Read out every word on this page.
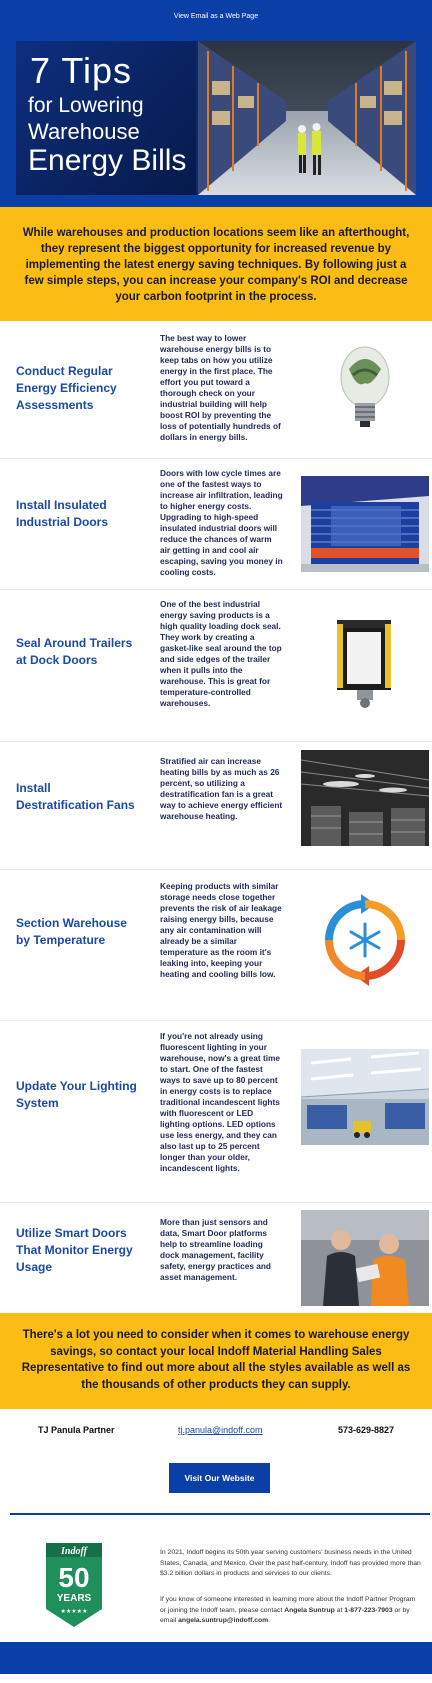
View Email as a Web Page
7 Tips
for Lowering
Warehouse
Energy Bills
While warehouses and production locations seem like an afterthought, they represent the biggest opportunity for increased revenue by implementing the latest energy saving techniques. By following just a few simple steps, you can increase your company's ROI and decrease your carbon footprint in the process.
Conduct Regular Energy Efficiency Assessments
The best way to lower warehouse energy bills is to keep tabs on how you utilize energy in the first place. The effort you put toward a thorough check on your industrial building will help boost ROI by preventing the loss of potentially hundreds of dollars in energy bills.
Install Insulated Industrial Doors
Doors with low cycle times are one of the fastest ways to increase air infiltration, leading to higher energy costs. Upgrading to high-speed insulated industrial doors will reduce the chances of warm air getting in and cool air escaping, saving you money in cooling costs.
Seal Around Trailers at Dock Doors
One of the best industrial energy saving products is a high quality loading dock seal. They work by creating a gasket-like seal around the top and side edges of the trailer when it pulls into the warehouse. This is great for temperature-controlled warehouses.
Install Destratification Fans
Stratified air can increase heating bills by as much as 26 percent, so utilizing a destratification fan is a great way to achieve energy efficient warehouse heating.
Section Warehouse by Temperature
Keeping products with similar storage needs close together prevents the risk of air leakage raising energy bills, because any air contamination will already be a similar temperature as the room it's leaking into, keeping your heating and cooling bills low.
Update Your Lighting System
If you're not already using fluorescent lighting in your warehouse, now's a great time to start. One of the fastest ways to save up to 80 percent in energy costs is to replace traditional incandescent lights with fluorescent or LED lighting options. LED options use less energy, and they can also last up to 25 percent longer than your older, incandescent lights.
Utilize Smart Doors That Monitor Energy Usage
More than just sensors and data, Smart Door platforms help to streamline loading dock management, facility safety, energy practices and asset management.
There's a lot you need to consider when it comes to warehouse energy savings, so contact your local Indoff Material Handling Sales Representative to find out more about all the styles available as well as the thousands of other products they can supply.
TJ Panula Partner	tj.panula@indoff.com	573-629-8827
Visit Our Website
Indoff
50
YEARS
★★★★★
In 2021, Indoff begins its 50th year serving customers' business needs in the United States, Canada, and Mexico. Over the past half-century, Indoff has provided more than $3.2 billion dollars in products and services to our clients.
If you know of someone interested in learning more about the Indoff Partner Program or joining the Indoff team, please contact Angela Suntrup at 1-877-223-7903 or by email angela.suntrup@indoff.com.
